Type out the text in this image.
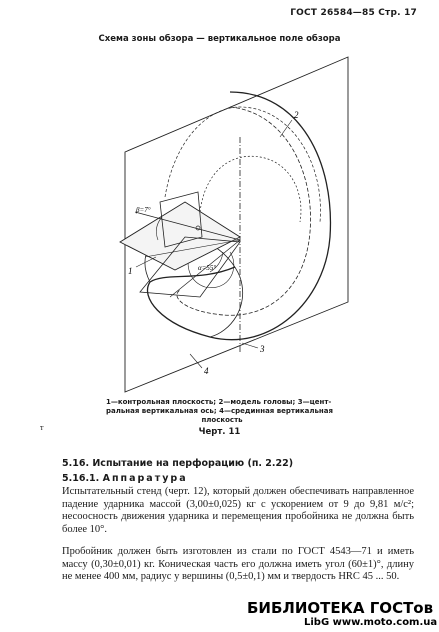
ГОСТ 26584—85 Стр. 17
Схема зоны обзора — вертикальное поле обзора
1
2
3
4
β=7°
α=55°
1—контрольная плоскость; 2—модель головы; 3—цент-
ральная вертикальная ось; 4—срединная вертикальная

плоскость
т	Черт. 11
5.16. Испытание на перфорацию (п. 2.22)
5.16.1. Аппаратура
Испытательный стенд (черт. 12), который должен обеспечивать направленное падение ударника массой (3,00±0,025) кг с ускорением от 9 до 9,81 м/с²; несоосность движения ударника и перемещения пробойника не должна быть более 10°.
Пробойник должен быть изготовлен из стали по ГОСТ 4543—71 и иметь массу (0,30±0,01) кг. Коническая часть его должна иметь угол (60±1)°, длину не менее 400 мм, радиус у вершины (0,5±0,1) мм и твердость HRC 45 ... 50.
БИБЛИОТЕКА ГОСТов
LibG www.moto.com.ua
